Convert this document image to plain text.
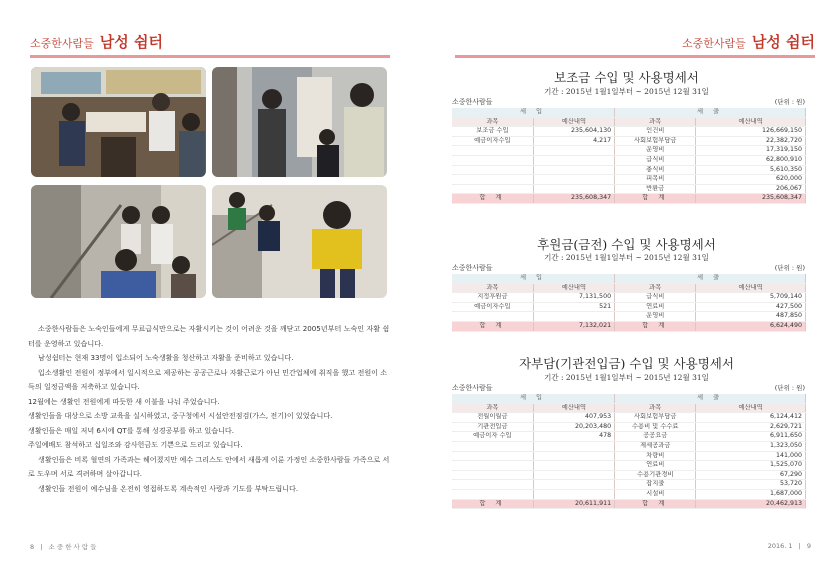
소중한사람들 남성 쉼터

소중한사람들은 노숙인들에게 무료급식만으로는 자활시키는 것이 어려운 것을 깨닫고 2005년부터 노숙인 자활 쉼터를 운영하고 있습니다.

남성쉼터는 현재 33명이 입소되어 노숙생활을 청산하고 자활을 준비하고 있습니다.

입소생활인 전원이 정부에서 일시적으로 제공하는 공공근로나 자활근로가 아닌 민간업체에 취직을 했고 전원이 소득의 일정금액을 저축하고 있습니다.

12월에는 생활인 전원에게 따듯한 새 이불을 나눠 주었습니다.

생활인들을 대상으로 소방 교육을 실시하였고, 중구청에서 시설안전점검(가스, 전기)이 있었습니다.

생활인들은 매일 저녁 6시에 QT를 통해 성경공부를 하고 있습니다.

주일예배도 참석하고 십일조와 감사헌금도 기쁜으로 드리고 있습니다.

생활인들은 비록 혈연의 가족과는 헤어졌지만 예수 그리스도 안에서 새롭게 이룬 가정인 소중한사람들 가족으로 서로 도우며 서로 격려하며 살아갑니다.

생활인들 전원이 예수님을 온전히 영접하도록 계속적인 사랑과 기도를 부탁드립니다.

8 | 소 중 한 사 람 들
소중한사람들 남성 쉼터
보조금 수입 및 사용명세서
기간 : 2015년 1월1일부터 ~ 2015년 12월 31일
소중한사람들	(단위 : 원)
세 입		세 출	
과목	예산내역	과목	예산내역
보조금 수입	235,604,130	인건비	126,669,150
예금이자수입	4,217	사회보험부담금	22,382,720
		운영비	17,319,150
		급식비	62,800,910
		충식비	5,610,350
		피복비	620,000
		반환금	206,067
합 계	235,608,347	합 계	235,608,347
후원금(금전) 수입 및 사용명세서
기간 : 2015년 1월1일부터 ~ 2015년 12월 31일
소중한사람들	(단위 : 원)
세 입		세 출	
과목	예산내역	과목	예산내역
지정후원금	7,131,500	급식비	5,709,140
예금이자수입	521	연료비	427,500
		운영비	487,850
합 계	7,132,021	합 계	6,624,490
자부담(기관전입금) 수입 및 사용명세서
기간 : 2015년 1월1일부터 ~ 2015년 12월 31일
소중한사람들	(단위 : 원)
세 입		세 출	
과목	예산내역	과목	예산내역
전월이월금	407,953	사회보험부담금	6,124,412
기관전입금	20,203,480	수용비 및 수수료	2,629,721
예금이자 수입	478	공공요금	6,911,650
		제세공과금	1,323,050
		차량비	141,000
		연료비	1,525,070
		수용기관경비	67,290
		잡지출	53,720
		시설비	1,687,000
합 계	20,611,911	합 계	20,462,913
2016. 1 | 9
